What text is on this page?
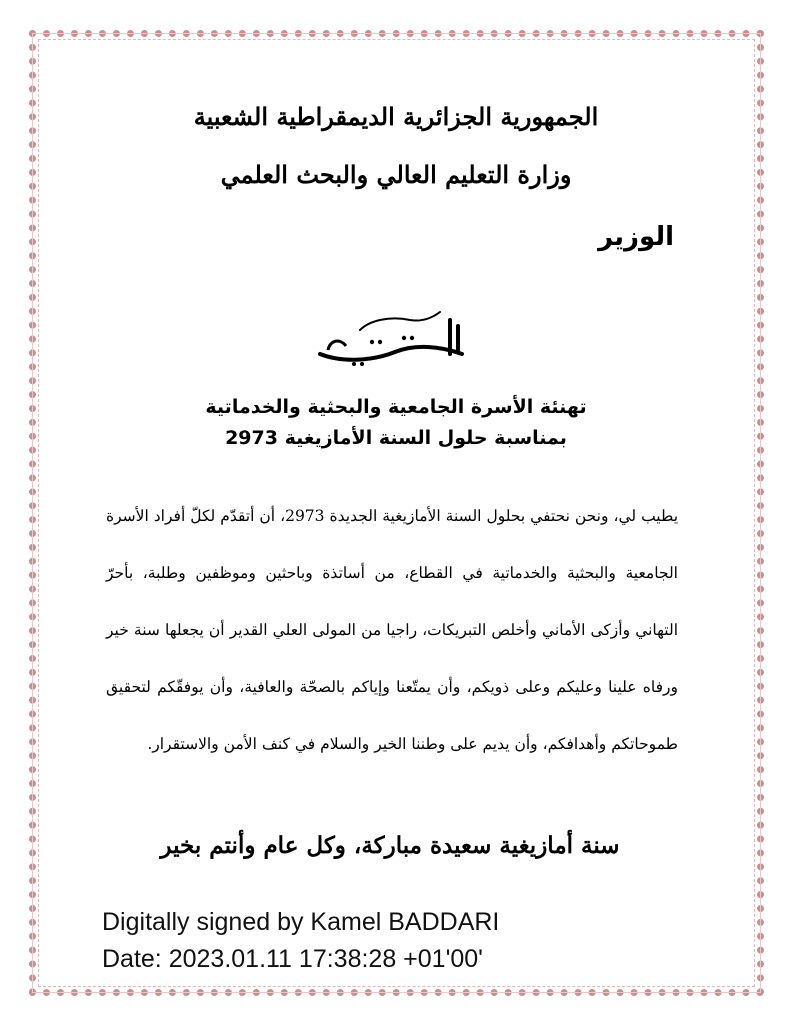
الجمهورية الجزائرية الديمقراطية الشعبية
وزارة التعليم العالي والبحث العلمي
الوزير
تهنئة الأسرة الجامعية والبحثية والخدماتية
بمناسبة حلول السنة الأمازيغية 2973
يطيب لي، ونحن نحتفي بحلول السنة الأمازيغية الجديدة 2973، أن أتقدّم لكلّ أفراد الأسرة الجامعية والبحثية والخدماتية في القطاع، من أساتذة وباحثين وموظفين وطلبة، بأحرّ التهاني وأزكى الأماني وأخلص التبريكات، راجيا من المولى العلي القدير أن يجعلها سنة خير ورفاه علينا وعليكم وعلى ذويكم، وأن يمتّعنا وإياكم بالصحّة والعافية، وأن يوفقّكم لتحقيق طموحاتكم وأهدافكم، وأن يديم على وطننا الخير والسلام في كنف الأمن والاستقرار.
سنة أمازيغية سعيدة مباركة، وكل عام وأنتم بخير
Digitally signed by Kamel BADDARI
Date: 2023.01.11 17:38:28 +01'00'
